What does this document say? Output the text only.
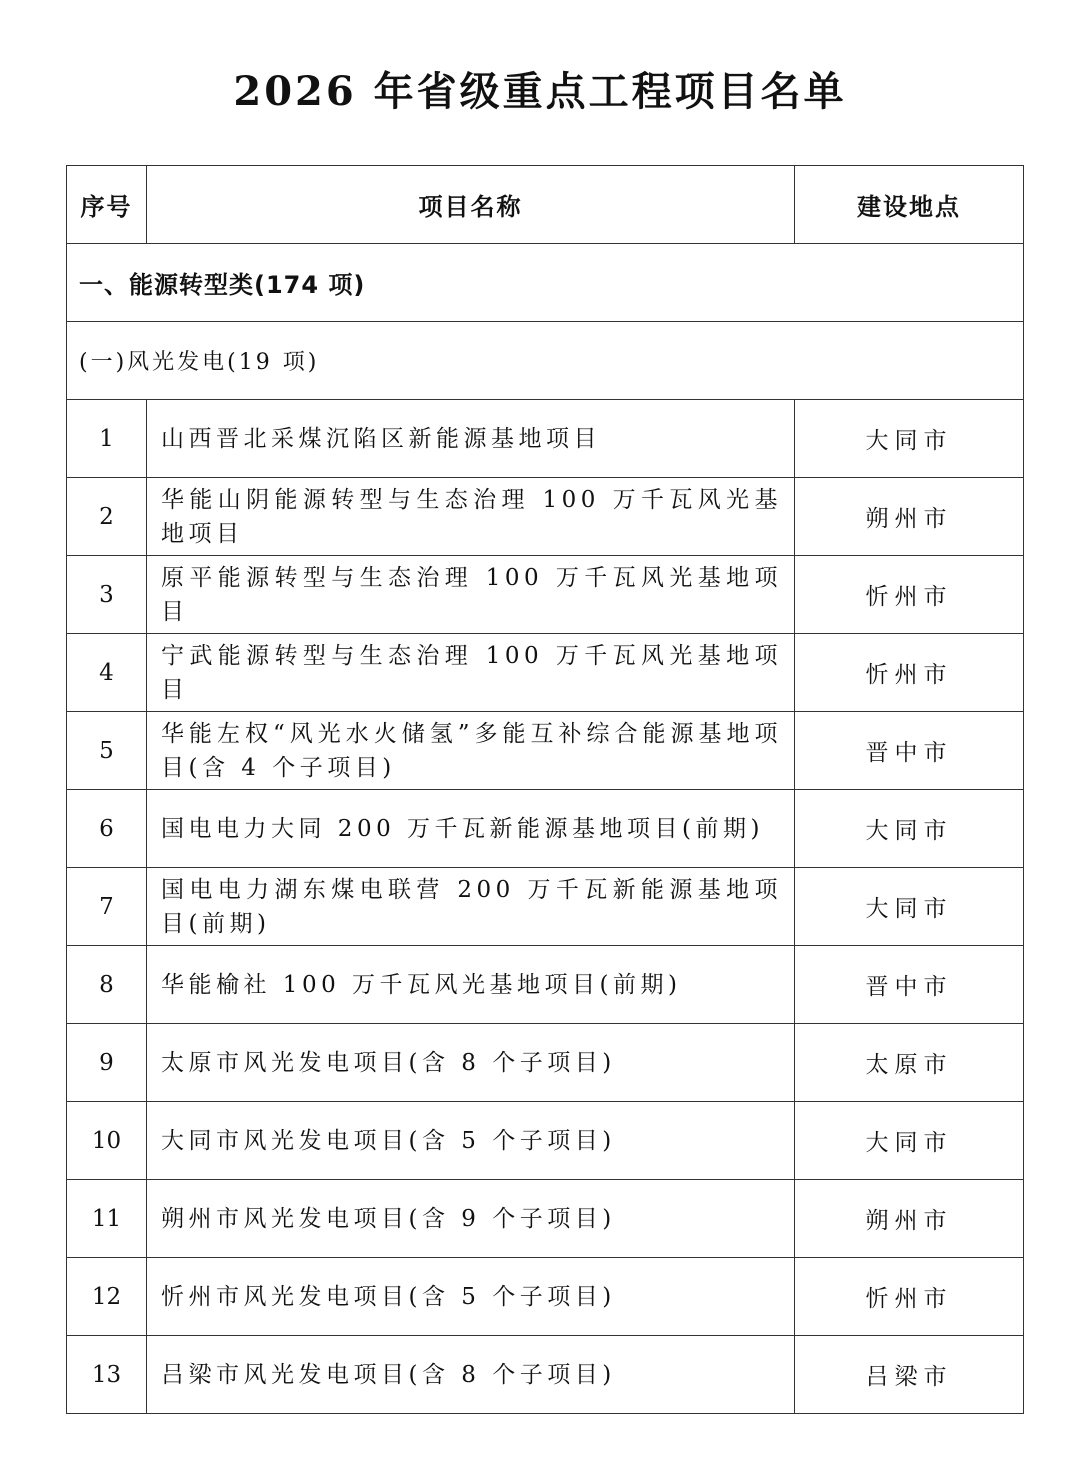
2026 年省级重点工程项目名单
序号	项目名称	建设地点
一、能源转型类(174 项)		
(一)风光发电(19 项)		
1	山西晋北采煤沉陷区新能源基地项目	大同市
2	华能山阴能源转型与生态治理 100 万千瓦风光基地项目	朔州市
3	原平能源转型与生态治理 100 万千瓦风光基地项目	忻州市
4	宁武能源转型与生态治理 100 万千瓦风光基地项目	忻州市
5	华能左权“风光水火储氢”多能互补综合能源基地项目(含 4 个子项目)	晋中市
6	国电电力大同 200 万千瓦新能源基地项目(前期)	大同市
7	国电电力湖东煤电联营 200 万千瓦新能源基地项目(前期)	大同市
8	华能榆社 100 万千瓦风光基地项目(前期)	晋中市
9	太原市风光发电项目(含 8 个子项目)	太原市
10	大同市风光发电项目(含 5 个子项目)	大同市
11	朔州市风光发电项目(含 9 个子项目)	朔州市
12	忻州市风光发电项目(含 5 个子项目)	忻州市
13	吕梁市风光发电项目(含 8 个子项目)	吕梁市
